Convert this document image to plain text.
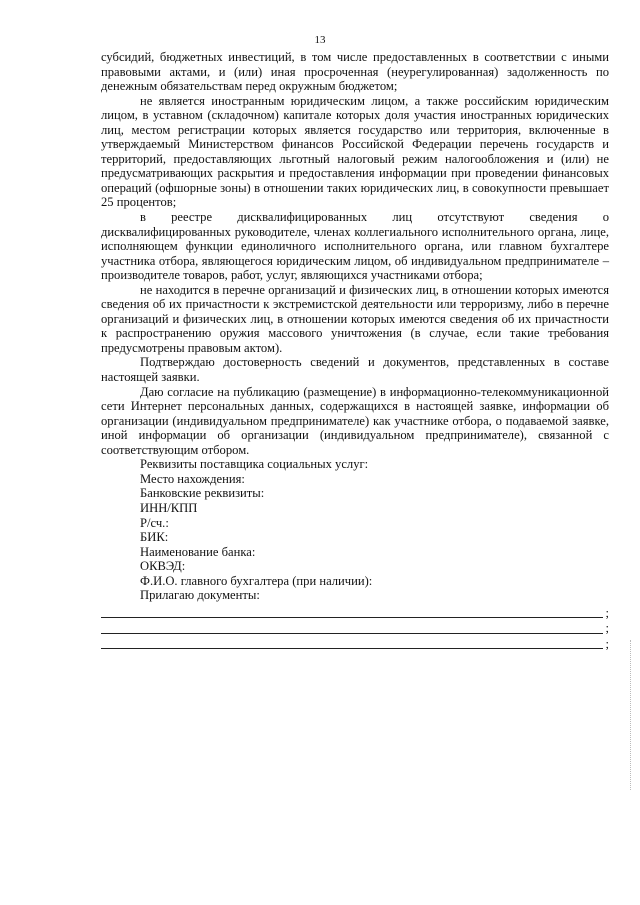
13

субсидий, бюджетных инвестиций, в том числе предоставленных в соответствии с иными правовыми актами, и (или) иная просроченная (неурегулированная) задолженность по денежным обязательствам перед окружным бюджетом;

не является иностранным юридическим лицом, а также российским юридическим лицом, в уставном (складочном) капитале которых доля участия иностранных юридических лиц, местом регистрации которых является государство или территория, включенные в утверждаемый Министерством финансов Российской Федерации перечень государств и территорий, предоставляющих льготный налоговый режим налогообложения и (или) не предусматривающих раскрытия и предоставления информации при проведении финансовых операций (офшорные зоны) в отношении таких юридических лиц, в совокупности превышает 25 процентов;

в реестре дисквалифицированных лиц отсутствуют сведения о дисквалифицированных руководителе, членах коллегиального исполнительного органа, лице, исполняющем функции единоличного исполнительного органа, или главном бухгалтере участника отбора, являющегося юридическим лицом, об индивидуальном предпринимателе – производителе товаров, работ, услуг, являющихся участниками отбора;

не находится в перечне организаций и физических лиц, в отношении которых имеются сведения об их причастности к экстремистской деятельности или терроризму, либо в перечне организаций и физических лиц, в отношении которых имеются сведения об их причастности к распространению оружия массового уничтожения (в случае, если такие требования предусмотрены правовым актом).

Подтверждаю достоверность сведений и документов, представленных в составе настоящей заявки.

Даю согласие на публикацию (размещение) в информационно-телекоммуникационной сети Интернет персональных данных, содержащихся в настоящей заявке, информации об организации (индивидуальном предпринимателе) как участнике отбора, о подаваемой заявке, иной информации об организации (индивидуальном предпринимателе), связанной с соответствующим отбором.

Реквизиты поставщика социальных услуг:

Место нахождения:

Банковские реквизиты:

ИНН/КПП

Р/сч.:

БИК:

Наименование банка:

ОКВЭД:

Ф.И.О. главного бухгалтера (при наличии):

Прилагаю документы:

;
;
;
